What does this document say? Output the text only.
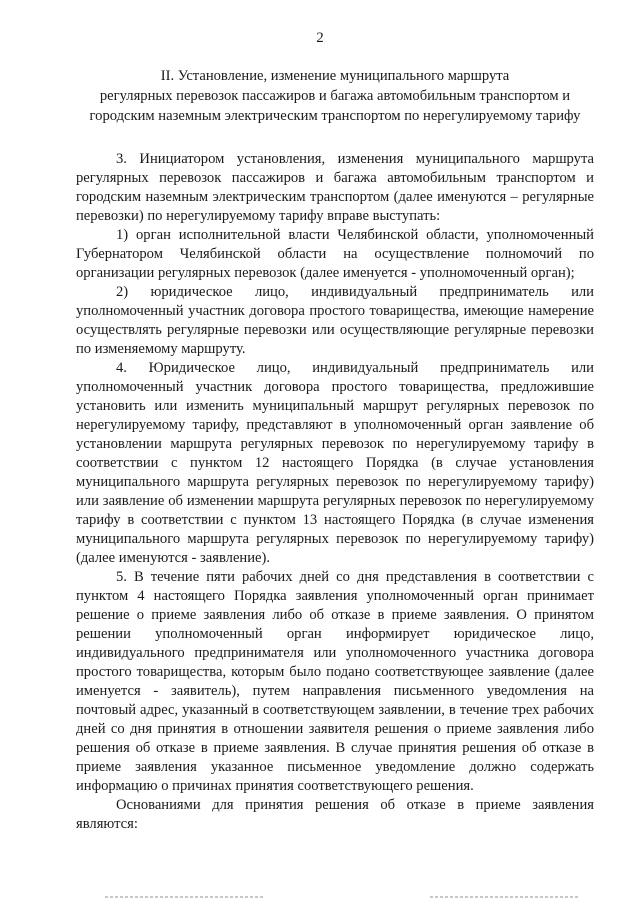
2
II. Установление, изменение муниципального маршрута
регулярных перевозок пассажиров и багажа автомобильным транспортом и
городским наземным электрическим транспортом по нерегулируемому тарифу

3. Инициатором установления, изменения муниципального маршрута регулярных перевозок пассажиров и багажа автомобильным транспортом и городским наземным электрическим транспортом (далее именуются – регулярные перевозки) по нерегулируемому тарифу вправе выступать:

1) орган исполнительной власти Челябинской области, уполномоченный Губернатором Челябинской области на осуществление полномочий по организации регулярных перевозок (далее именуется - уполномоченный орган);

2) юридическое лицо, индивидуальный предприниматель или уполномоченный участник договора простого товарищества, имеющие намерение осуществлять регулярные перевозки или осуществляющие регулярные перевозки по изменяемому маршруту.

4. Юридическое лицо, индивидуальный предприниматель или уполномоченный участник договора простого товарищества, предложившие установить или изменить муниципальный маршрут регулярных перевозок по нерегулируемому тарифу, представляют в уполномоченный орган заявление об установлении маршрута регулярных перевозок по нерегулируемому тарифу в соответствии с пунктом 12 настоящего Порядка (в случае установления муниципального маршрута регулярных перевозок по нерегулируемому тарифу) или заявление об изменении маршрута регулярных перевозок по нерегулируемому тарифу в соответствии с пунктом 13 настоящего Порядка (в случае изменения муниципального маршрута регулярных перевозок по нерегулируемому тарифу) (далее именуются - заявление).

5. В течение пяти рабочих дней со дня представления в соответствии с пунктом 4 настоящего Порядка заявления уполномоченный орган принимает решение о приеме заявления либо об отказе в приеме заявления. О принятом решении уполномоченный орган информирует юридическое лицо, индивидуального предпринимателя или уполномоченного участника договора простого товарищества, которым было подано соответствующее заявление (далее именуется - заявитель), путем направления письменного уведомления на почтовый адрес, указанный в соответствующем заявлении, в течение трех рабочих дней со дня принятия в отношении заявителя решения о приеме заявления либо решения об отказе в приеме заявления. В случае принятия решения об отказе в приеме заявления указанное письменное уведомление должно содержать информацию о причинах принятия соответствующего решения.

Основаниями для принятия решения об отказе в приеме заявления являются:
